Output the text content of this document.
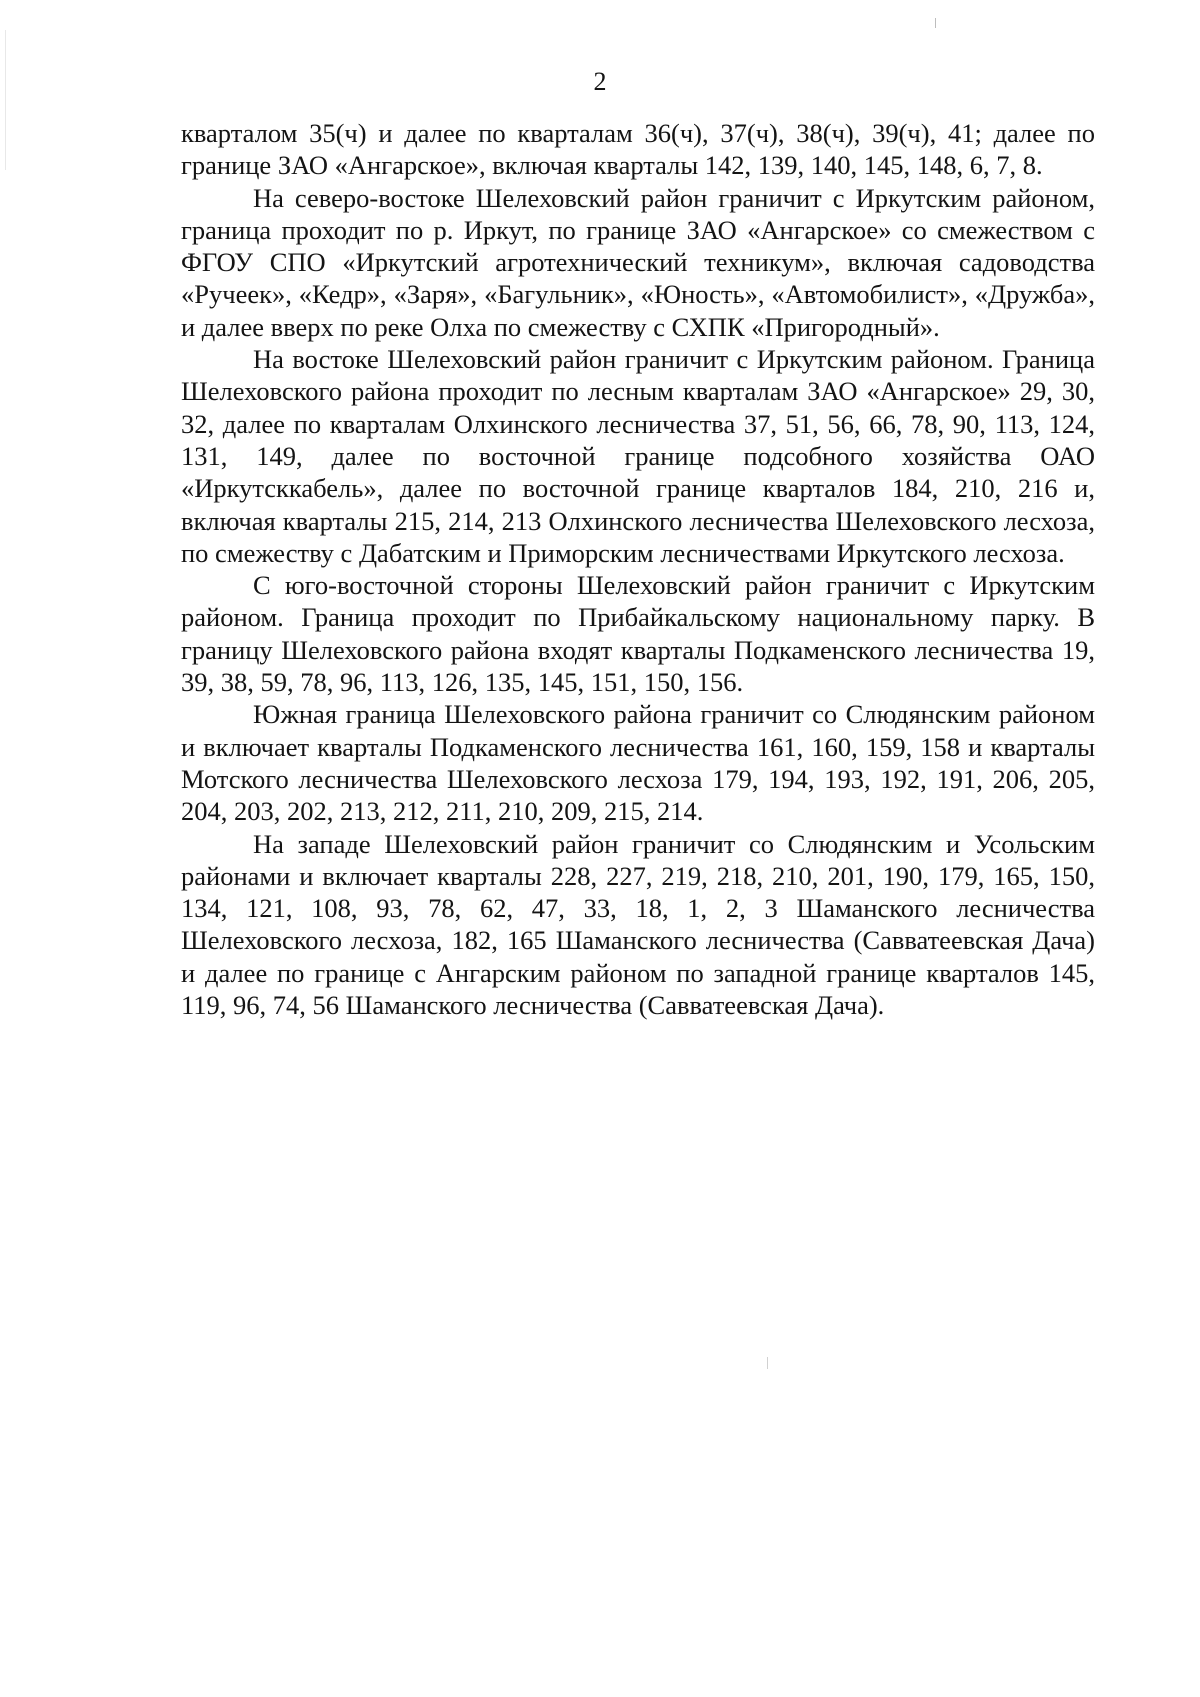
2

кварталом 35(ч) и далее по кварталам 36(ч), 37(ч), 38(ч), 39(ч), 41; далее по границе ЗАО «Ангарское», включая кварталы 142, 139, 140, 145, 148, 6, 7, 8.

На северо-востоке Шелеховский район граничит с Иркутским районом, граница проходит по р. Иркут, по границе ЗАО «Ангарское» со смежеством с ФГОУ СПО «Иркутский агротехнический техникум», включая садоводства «Ручеек», «Кедр», «Заря», «Багульник», «Юность», «Автомобилист», «Дружба», и далее вверх по реке Олха по смежеству с СХПК «Пригородный».

На востоке Шелеховский район граничит с Иркутским районом. Граница Шелеховского района проходит по лесным кварталам ЗАО «Ангарское» 29, 30, 32, далее по кварталам Олхинского лесничества 37, 51, 56, 66, 78, 90, 113, 124, 131, 149, далее по восточной границе подсобного хозяйства ОАО «Иркутсккабель», далее по восточной границе кварталов 184, 210, 216 и, включая кварталы 215, 214, 213 Олхинского лесничества Шелеховского лесхоза, по смежеству с Дабатским и Приморским лесничествами Иркутского лесхоза.

С юго-восточной стороны Шелеховский район граничит с Иркутским районом. Граница проходит по Прибайкальскому национальному парку. В границу Шелеховского района входят кварталы Подкаменского лесничества 19, 39, 38, 59, 78, 96, 113, 126, 135, 145, 151, 150, 156.

Южная граница Шелеховского района граничит со Слюдянским районом и включает кварталы Подкаменского лесничества 161, 160, 159, 158 и кварталы Мотского лесничества Шелеховского лесхоза 179, 194, 193, 192, 191, 206, 205, 204, 203, 202, 213, 212, 211, 210, 209, 215, 214.

На западе Шелеховский район граничит со Слюдянским и Усольским районами и включает кварталы 228, 227, 219, 218, 210, 201, 190, 179, 165, 150, 134, 121, 108, 93, 78, 62, 47, 33, 18, 1, 2, 3 Шаманского лесничества Шелеховского лесхоза, 182, 165 Шаманского лесничества (Савватеевская Дача) и далее по границе с Ангарским районом по западной границе кварталов 145, 119, 96, 74, 56 Шаманского лесничества (Савватеевская Дача).
